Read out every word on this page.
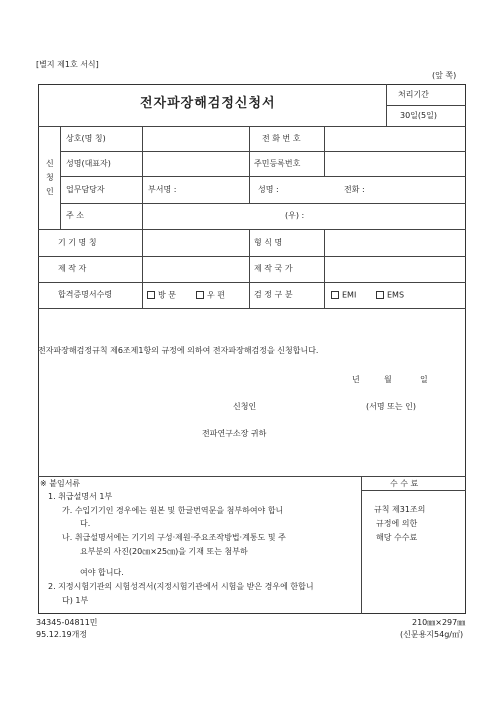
[별지 제1호 서식]
(앞 쪽)
전자파장해검정신청서
처리기간
30일(5일)
신
청
인
상호(명 칭)	전 화 번 호
성명(대표자)	주민등록번호
업무담당자	부서명 :	성명 :	전화 :
주 소	(우) :
기 기 명 칭	형 식 명
제 작 자	제 작 국 가
합격증명서수령	방 문	우 편	검 정 구 분	EMI	EMS
전자파장해검정규칙 제6조제1항의 규정에 의하여 전자파장해검정을 신청합니다.
년	월	일
신청인	(서명 또는 인)
전파연구소장 귀하
※ 붙임서류
1. 취급설명서 1부
가. 수입기기인 경우에는 원본 및 한글번역문을 첨부하여야 합니
다.
나. 취급설명서에는 기기의 구성·제원·주요조작방법·계통도 및 주
요부분의 사진(20㎝×25㎝)을 기재 또는 첨부하
여야 합니다.
2. 지정시험기관의 시험성격서(지정시험기관에서 시험을 받은 경우에 한합니
다) 1부
수 수 료
규칙 제31조의
규정에 의한
해당 수수료
34345-04811민
95.12.19개정
210㎜×297㎜
(신문용지54g/㎡)
